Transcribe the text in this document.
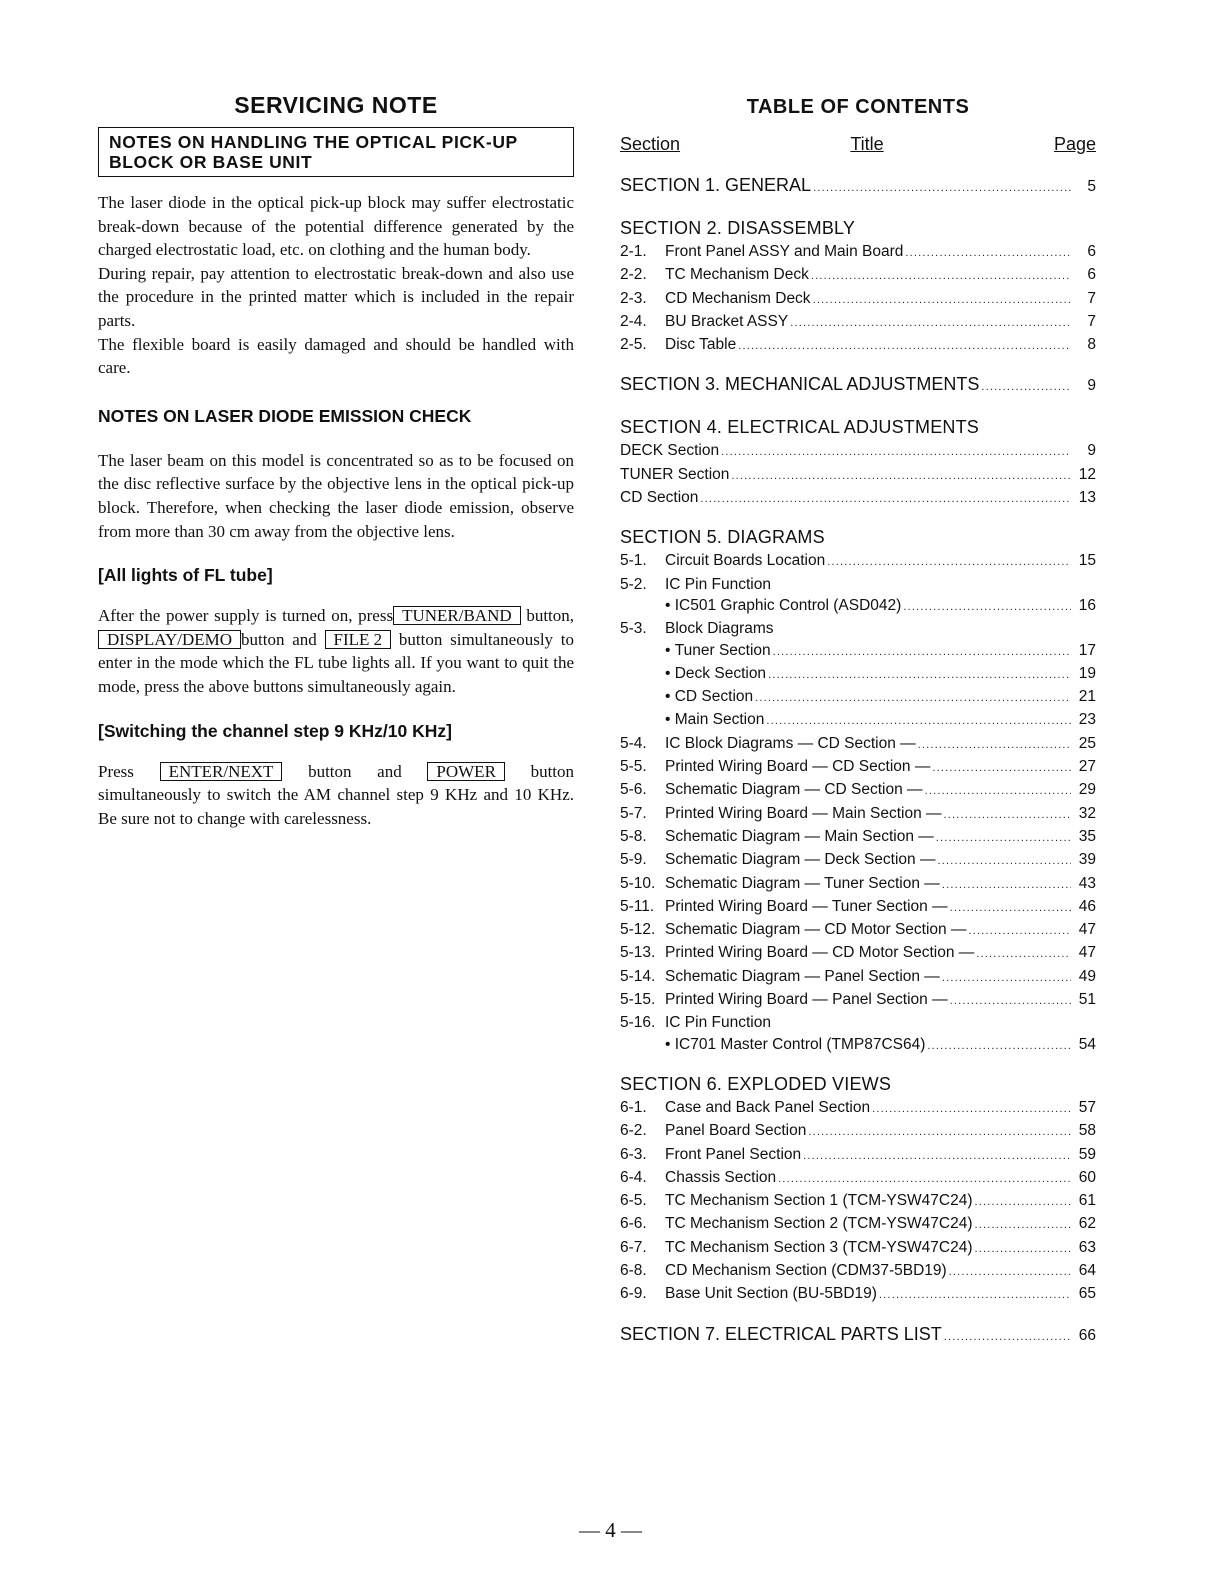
SERVICING NOTE
NOTES ON HANDLING THE OPTICAL PICK-UP
BLOCK OR BASE UNIT

The laser diode in the optical pick-up block may suffer electrostatic break-down because of the potential difference generated by the charged electrostatic load, etc. on clothing and the human body.

During repair, pay attention to electrostatic break-down and also use the procedure in the printed matter which is included in the repair parts.

The flexible board is easily damaged and should be handled with care.

NOTES ON LASER DIODE EMISSION CHECK

The laser beam on this model is concentrated so as to be focused on the disc reflective surface by the objective lens in the optical pick-up block. Therefore, when checking the laser diode emission, observe from more than 30 cm away from the objective lens.

[All lights of FL tube]

After the power supply is turned on, press TUNER/BAND button,DISPLAY/DEMO button and FILE 2 button simultaneously to enter in the mode which the FL tube lights all. If you want to quit the mode, press the above buttons simultaneously again.

[Switching the channel step 9 KHz/10 KHz]

Press ENTER/NEXT button and POWER button simultaneously to switch the AM channel step 9 KHz and 10 KHz. Be sure not to change with carelessness.

TABLE OF CONTENTS
Section	Title	Page
SECTION 1. GENERAL .....	5
SECTION 2. DISASSEMBLY
2-1.	Front Panel ASSY and Main Board .....	6
2-2.	TC Mechanism Deck .....	6
2-3.	CD Mechanism Deck .....	7
2-4.	BU Bracket ASSY .....	7
2-5.	Disc Table .....	8
SECTION 3. MECHANICAL ADJUSTMENTS .....	9
SECTION 4. ELECTRICAL ADJUSTMENTS
DECK Section .....	9
TUNER Section .....	12
CD Section .....	13
SECTION 5. DIAGRAMS
5-1.	Circuit Boards Location .....	15
5-2.	IC Pin Function
• IC501 Graphic Control (ASD042) .....	16
5-3.	Block Diagrams
• Tuner Section .....	17
• Deck Section .....	19
• CD Section .....	21
• Main Section .....	23
5-4.	IC Block Diagrams — CD Section — .....	25
5-5.	Printed Wiring Board — CD Section — .....	27
5-6.	Schematic Diagram — CD Section — .....	29
5-7.	Printed Wiring Board — Main Section — .....	32
5-8.	Schematic Diagram — Main Section — .....	35
5-9.	Schematic Diagram — Deck Section — .....	39
5-10. Schematic Diagram — Tuner Section — .....	43
5-11. Printed Wiring Board — Tuner Section — .....	46
5-12. Schematic Diagram — CD Motor Section — .....	47
5-13. Printed Wiring Board — CD Motor Section — .....	47
5-14. Schematic Diagram — Panel Section — .....	49
5-15. Printed Wiring Board — Panel Section — .....	51
5-16. IC Pin Function
• IC701 Master Control (TMP87CS64) .....	54
SECTION 6. EXPLODED VIEWS
6-1.	Case and Back Panel Section .....	57
6-2.	Panel Board Section .....	58
6-3.	Front Panel Section .....	59
6-4.	Chassis Section .....	60
6-5.	TC Mechanism Section 1 (TCM-YSW47C24) .....	61
6-6.	TC Mechanism Section 2 (TCM-YSW47C24) .....	62
6-7.	TC Mechanism Section 3 (TCM-YSW47C24) .....	63
6-8.	CD Mechanism Section (CDM37-5BD19) .....	64
6-9.	Base Unit Section (BU-5BD19) .....	65
SECTION 7. ELECTRICAL PARTS LIST .....	66
— 4 —
